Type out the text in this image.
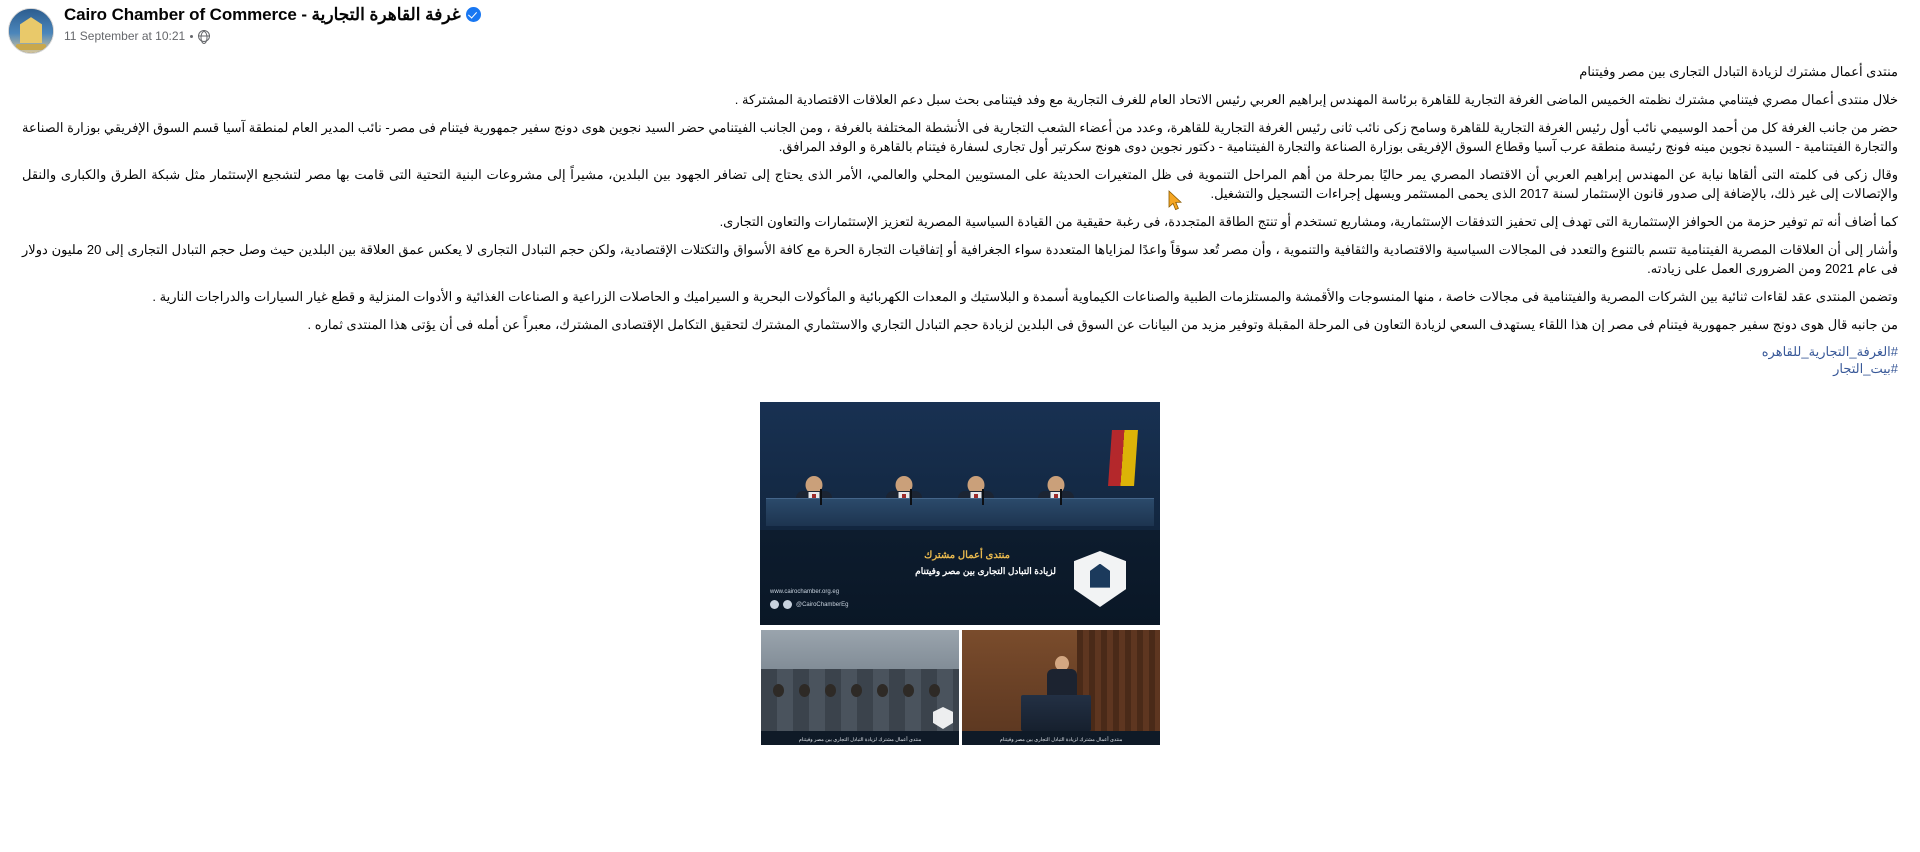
Cairo Chamber of Commerce - غرفة القاهرة التجارية
11 September at 10:21

منتدى أعمال مشترك لزيادة التبادل التجارى بين مصر وفيتنام

خلال منتدى أعمال مصري فيتنامي مشترك نظمته الخميس الماضى الغرفة التجارية للقاهرة برئاسة المهندس إبراهيم العربي رئيس الاتحاد العام للغرف التجارية مع وفد فيتنامى بحث سبل دعم العلاقات الاقتصادية المشتركة .

حضر من جانب الغرفة كل من أحمد الوسيمي نائب أول رئيس الغرفة التجارية للقاهرة وسامح زكى نائب ثانى رئيس الغرفة التجارية للقاهرة، وعدد من أعضاء الشعب التجارية فى الأنشطة المختلفة بالغرفة ، ومن الجانب الفيتنامي حضر السيد نجوين هوى دونج سفير جمهورية فيتنام فى مصر- نائب المدير العام لمنطقة آسيا قسم السوق الإفريقي بوزارة الصناعة والتجارة الفيتنامية - السيدة نجوين مينه فونج رئيسة منطقة عرب آسيا وقطاع السوق الإفريقى بوزارة الصناعة والتجارة الفيتنامية - دكتور نجوين دوى هونج سكرتير أول تجارى لسفارة فيتنام بالقاهرة و الوفد المرافق.

وقال زكى فى كلمته التى ألقاها نيابة عن المهندس إبراهيم العربي أن الاقتصاد المصري يمر حاليًا بمرحلة من أهم المراحل التنموية فى ظل المتغيرات الحديثة على المستويين المحلي والعالمي، الأمر الذى يحتاج إلى تضافر الجهود بين البلدين، مشيراً إلى مشروعات البنية التحتية التى قامت بها مصر لتشجيع الإستثمار مثل شبكة الطرق والكبارى والنقل والإتصالات إلى غير ذلك، بالإضافة إلى صدور قانون الإستثمار لسنة 2017 الذى يحمى المستثمر ويسهل إجراءات التسجيل والتشغيل.

كما أضاف أنه تم توفير حزمة من الحوافز الإستثمارية التى تهدف إلى تحفيز التدفقات الإستثمارية، ومشاريع تستخدم أو تنتج الطاقة المتجددة، فى رغبة حقيقية من القيادة السياسية المصرية لتعزيز الإستثمارات والتعاون التجارى.

وأشار إلى أن العلاقات المصرية الفيتنامية تتسم بالتنوع والتعدد فى المجالات السياسية والاقتصادية والثقافية والتنموية ، وأن مصر تُعد سوقاً واعدًا لمزاياها المتعددة سواء الجغرافية أو إتفاقيات التجارة الحرة مع كافة الأسواق والتكتلات الإقتصادية، ولكن حجم التبادل التجارى لا يعكس عمق العلاقة بين البلدين حيث وصل حجم التبادل التجارى إلى 20 مليون دولار فى عام 2021 ومن الضرورى العمل على زيادته.

وتضمن المنتدى عقد لقاءات ثنائية بين الشركات المصرية والفيتنامية فى مجالات خاصة ، منها المنسوجات والأقمشة والمستلزمات الطبية والصناعات الكيماوية أسمدة و البلاستيك و المعدات الكهربائية و المأكولات البحرية و السيراميك و الحاصلات الزراعية و الصناعات الغذائية و الأدوات المنزلية و قطع غيار السيارات والدراجات النارية .

من جانبه قال هوى دونج سفير جمهورية فيتنام فى مصر إن هذا اللقاء يستهدف السعي لزيادة التعاون فى المرحلة المقبلة وتوفير مزيد من البيانات عن السوق فى البلدين لزيادة حجم التبادل التجاري والاستثماري المشترك لتحقيق التكامل الإقتصادى المشترك، معبراً عن أمله فى أن يؤتى هذا المنتدى ثماره .

#الغرفة_التجارية_للقاهره
#بيت_التجار
منتدى أعمال مشترك
لزيادة التبادل التجارى بين مصر وفيتنام
www.cairochamber.org.eg
@CairoChamberEg
منتدى أعمال مشترك لزيادة التبادل التجارى بين مصر وفيتنام
منتدى أعمال مشترك لزيادة التبادل التجارى بين مصر وفيتنام
